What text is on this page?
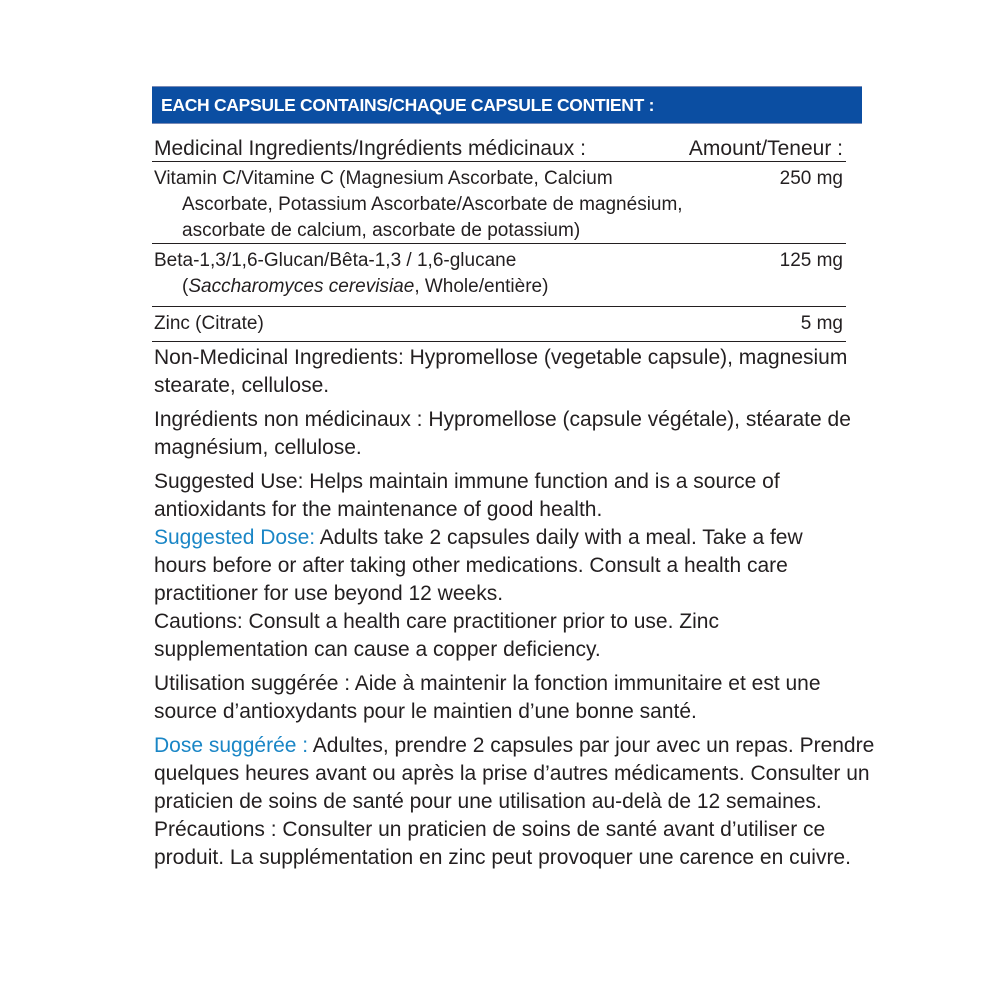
EACH CAPSULE CONTAINS/CHAQUE CAPSULE CONTIENT :
Medicinal Ingredients/Ingrédients médicinaux :	Amount/Teneur :
Vitamin C/Vitamine C (Magnesium Ascorbate, Calcium
Ascorbate, Potassium Ascorbate/Ascorbate de magnésium,
ascorbate de calcium, ascorbate de potassium)
250 mg
Beta-1,3/1,6-Glucan/Bêta-1,3 / 1,6-glucane
(Saccharomyces cerevisiae, Whole/entière)
125 mg
Zinc (Citrate)	5 mg

Non-Medicinal Ingredients: Hypromellose (vegetable capsule), magnesium
stearate, cellulose.

Ingrédients non médicinaux : Hypromellose (capsule végétale), stéarate de
magnésium, cellulose.

Suggested Use: Helps maintain immune function and is a source of
antioxidants for the maintenance of good health.

Suggested Dose: Adults take 2 capsules daily with a meal. Take a few
hours before or after taking other medications. Consult a health care
practitioner for use beyond 12 weeks.

Cautions: Consult a health care practitioner prior to use. Zinc
supplementation can cause a copper deficiency.

Utilisation suggérée : Aide à maintenir la fonction immunitaire et est une
source d’antioxydants pour le maintien d’une bonne santé.

Dose suggérée : Adultes, prendre 2 capsules par jour avec un repas. Prendre
quelques heures avant ou après la prise d’autres médicaments. Consulter un
praticien de soins de santé pour une utilisation au-delà de 12 semaines.

Précautions : Consulter un praticien de soins de santé avant d’utiliser ce
produit. La supplémentation en zinc peut provoquer une carence en cuivre.
